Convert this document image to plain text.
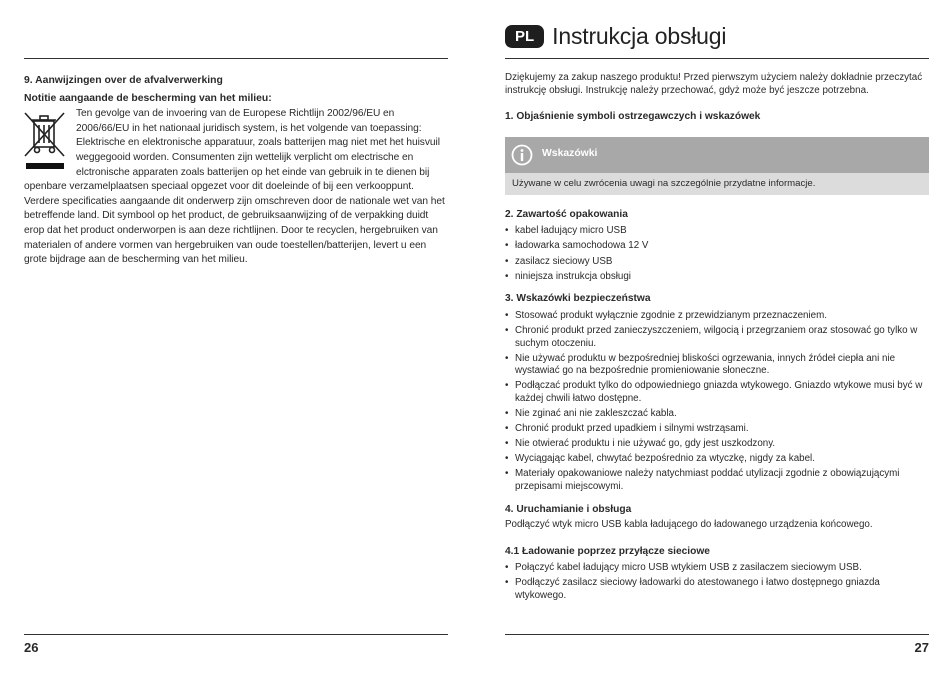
9. Aanwijzingen over de afvalverwerking

Notitie aangaande de bescherming van het milieu:

Ten gevolge van de invoering van de Europese Richtlijn 2002/96/EU en 2006/66/EU in het nationaal juridisch system, is het volgende van toepassing: Elektrische en elektronische apparatuur, zoals batterijen mag niet met het huisvuil weggegooid worden. Consumenten zijn wettelijk verplicht om electrische en elctronische apparaten zoals batterijen op het einde van gebruik in te dienen bij openbare verzamelplaatsen speciaal opgezet voor dit doeleinde of bij een verkooppunt. Verdere specificaties aangaande dit onderwerp zijn omschreven door de nationale wet van het betreffende land. Dit symbool op het product, de gebruiksaanwijzing of de verpakking duidt erop dat het product onderworpen is aan deze richtlijnen. Door te recyclen, hergebruiken van materialen of andere vormen van hergebruiken van oude toestellen/batterijen, levert u een grote bijdrage aan de bescherming van het milieu.

26
PL Instrukcja obsługi

Dziękujemy za zakup naszego produktu! Przed pierwszym użyciem należy dokładnie przeczytać instrukcję obsługi. Instrukcję należy przechować, gdyż może być jeszcze potrzebna.

1. Objaśnienie symboli ostrzegawczych i wskazówek

Wskazówki
Używane w celu zwrócenia uwagi na szczególnie przydatne informacje.

2. Zawartość opakowania

• kabel ładujący micro USB
• ładowarka samochodowa 12 V
• zasilacz sieciowy USB
• niniejsza instrukcja obsługi

3. Wskazówki bezpieczeństwa

• Stosować produkt wyłącznie zgodnie z przewidzianym przeznaczeniem.
• Chronić produkt przed zanieczyszczeniem, wilgocią i przegrzaniem oraz stosować go tylko w suchym otoczeniu.
• Nie używać produktu w bezpośredniej bliskości ogrzewania, innych źródeł ciepła ani nie wystawiać go na bezpośrednie promieniowanie słoneczne.
• Podłączać produkt tylko do odpowiedniego gniazda wtykowego. Gniazdo wtykowe musi być w każdej chwili łatwo dostępne.
• Nie zginać ani nie zakleszczać kabla.
• Chronić produkt przed upadkiem i silnymi wstrząsami.
• Nie otwierać produktu i nie używać go, gdy jest uszkodzony.
• Wyciągając kabel, chwytać bezpośrednio za wtyczkę, nigdy za kabel.
• Materiały opakowaniowe należy natychmiast poddać utylizacji zgodnie z obowiązującymi przepisami miejscowymi.

4. Uruchamianie i obsługa

Podłączyć wtyk micro USB kabla ładującego do ładowanego urządzenia końcowego.

4.1 Ładowanie poprzez przyłącze sieciowe

• Połączyć kabel ładujący micro USB wtykiem USB z zasilaczem sieciowym USB.
• Podłączyć zasilacz sieciowy ładowarki do atestowanego i łatwo dostępnego gniazda wtykowego.
27
